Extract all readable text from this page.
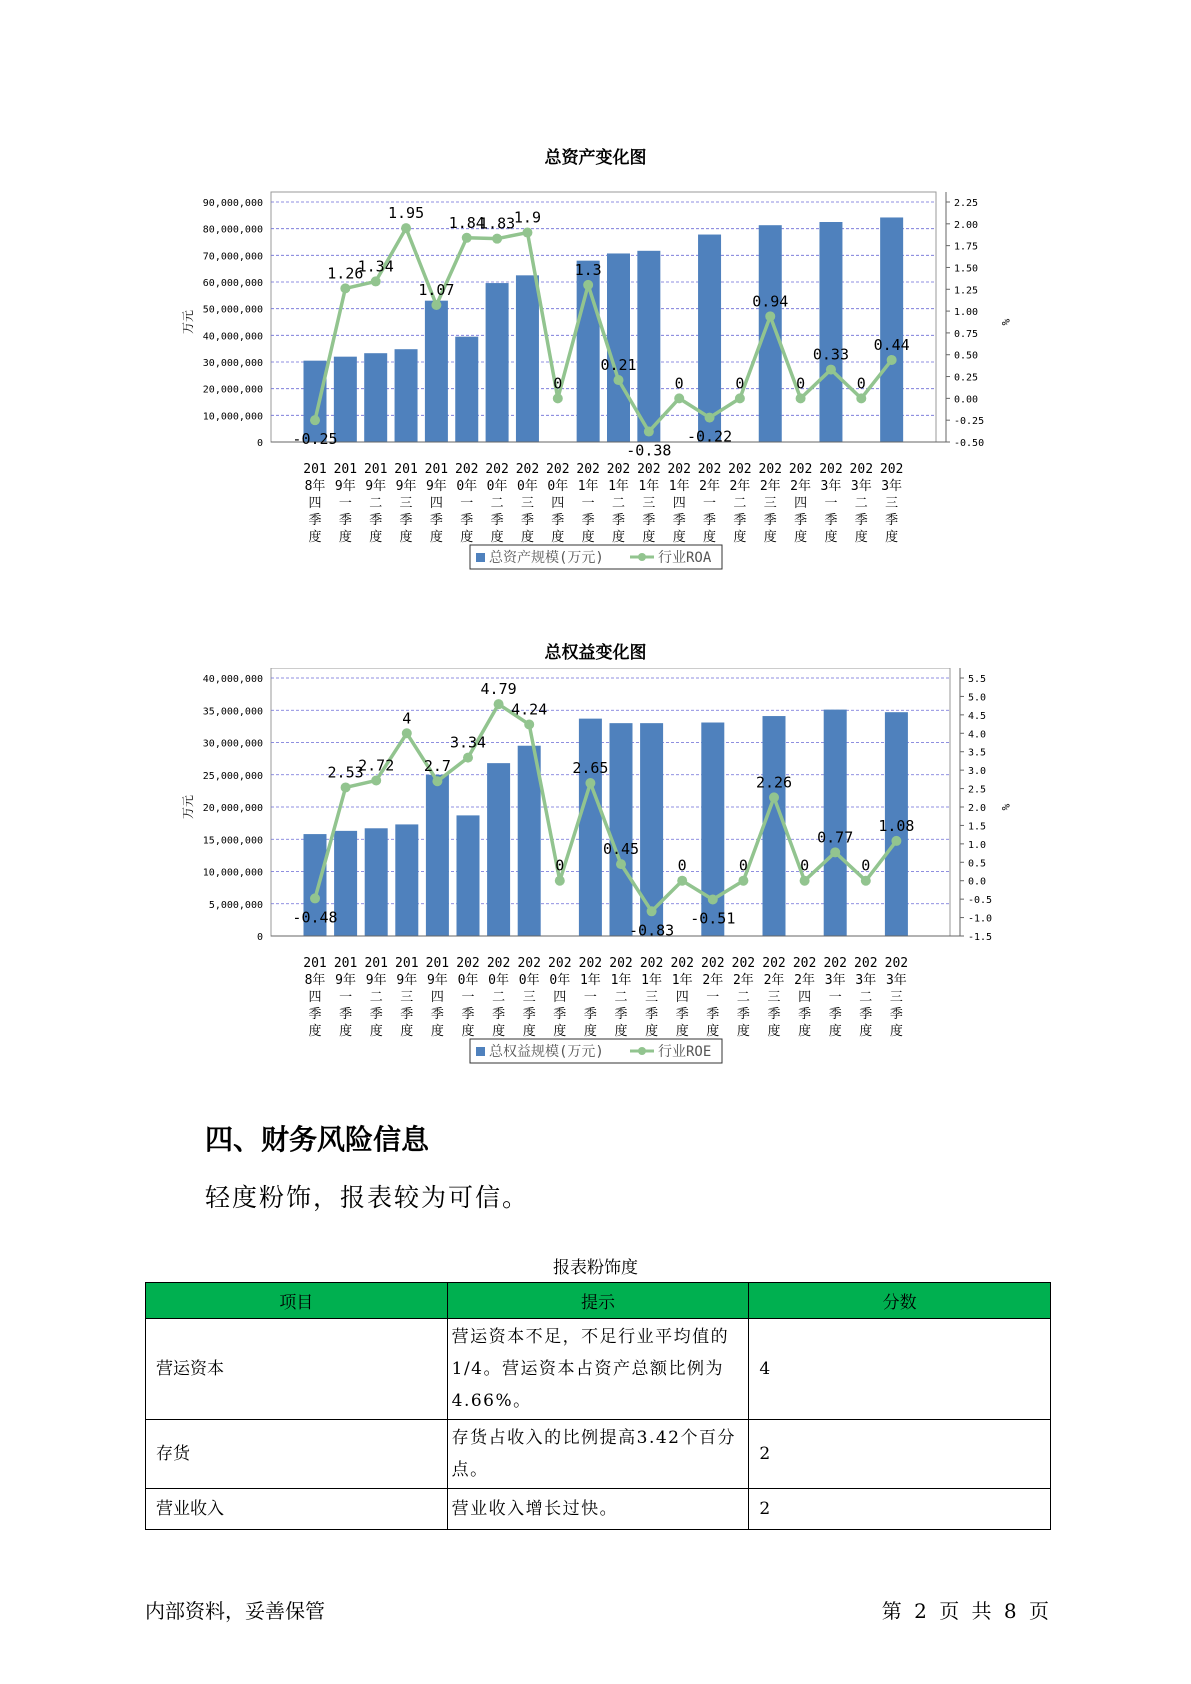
总资产变化图
0
10,000,000
20,000,000
30,000,000
40,000,000
50,000,000
60,000,000
70,000,000
80,000,000
90,000,000
-0.50
-0.25
0.00
0.25
0.50
0.75
1.00
1.25
1.50
1.75
2.00
2.25
万元	%
-0.25
1.26
1.34
1.95
1.07
1.84
1.83
1.9
0
1.3
0.21
-0.38
0
-0.22
0
0.94
0
0.33
0
0.44
201
8年
四
季
度
201
9年
一
季
度
201
9年
二
季
度
201
9年
三
季
度
201
9年
四
季
度
202
0年
一
季
度
202
0年
二
季
度
202
0年
三
季
度
202
0年
四
季
度
202
1年
一
季
度
202
1年
二
季
度
202
1年
三
季
度
202
1年
四
季
度
202
2年
一
季
度
202
2年
二
季
度
202
2年
三
季
度
202
2年
四
季
度
202
3年
一
季
度
202
3年
二
季
度
202
3年
三
季
度
总资产规模(万元)	行业ROA
总权益变化图
0
5,000,000
10,000,000
15,000,000
20,000,000
25,000,000
30,000,000
35,000,000
40,000,000
-1.5
-1.0
-0.5
0.0
0.5
1.0
1.5
2.0
2.5
3.0
3.5
4.0
4.5
5.0
5.5
万元	%
-0.48
2.53
2.72
4
2.7
3.34
4.79
4.24
0
2.65
0.45
-0.83
0
-0.51
0
2.26
0
0.77
0
1.08
201
8年
四
季
度
201
9年
一
季
度
201
9年
二
季
度
201
9年
三
季
度
201
9年
四
季
度
202
0年
一
季
度
202
0年
二
季
度
202
0年
三
季
度
202
0年
四
季
度
202
1年
一
季
度
202
1年
二
季
度
202
1年
三
季
度
202
1年
四
季
度
202
2年
一
季
度
202
2年
二
季
度
202
2年
三
季
度
202
2年
四
季
度
202
3年
一
季
度
202
3年
二
季
度
202
3年
三
季
度
总权益规模(万元)	行业ROE
四、财务风险信息
轻度粉饰，报表较为可信。
报表粉饰度
项目	提示	分数
营运资本	营运资本不足，不足行业平均值的1/4。营运资本占资产总额比例为4.66%。	4
存货	存货占收入的比例提高3.42个百分点。	2
营业收入	营业收入增长过快。	2
内部资料，妥善保管	第 2 页 共 8 页
